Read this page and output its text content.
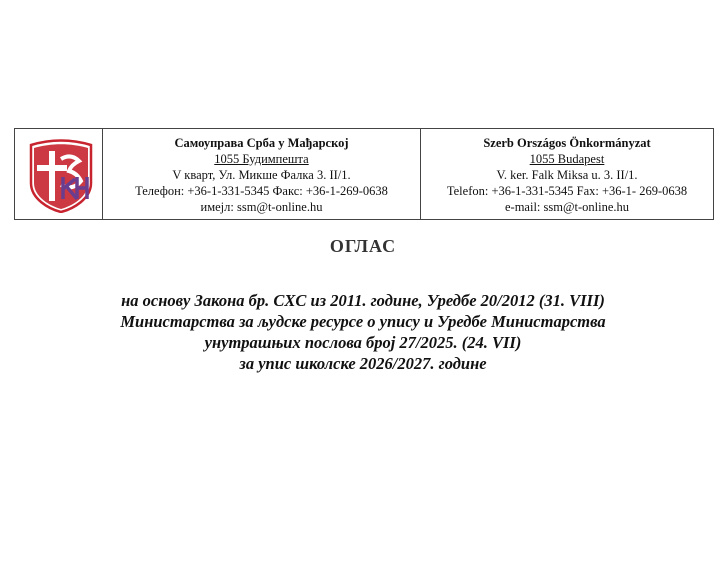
Самоуправа Срба у Мађарској
1055 Будимпешта
V кварт, Ул. Микше Фалка 3. II/1.
Телефон: +36-1-331-5345 Факс: +36-1-269-0638
имејл: ssm@t-online.hu
Szerb Országos Önkormányzat
1055 Budapest
V. ker. Falk Miksa u. 3. II/1.
Telefon: +36-1-331-5345 Fax: +36-1- 269-0638
e-mail: ssm@t-online.hu
ОГЛАС
на основу Закона бр. CXC из 2011. године, Уредбе 20/2012 (31. VIII)
Министарства за људске ресурсе о упису и Уредбе Министарства
унутрашњих послова број 27/2025. (24. VII)
за упис школске 2026/2027. године
